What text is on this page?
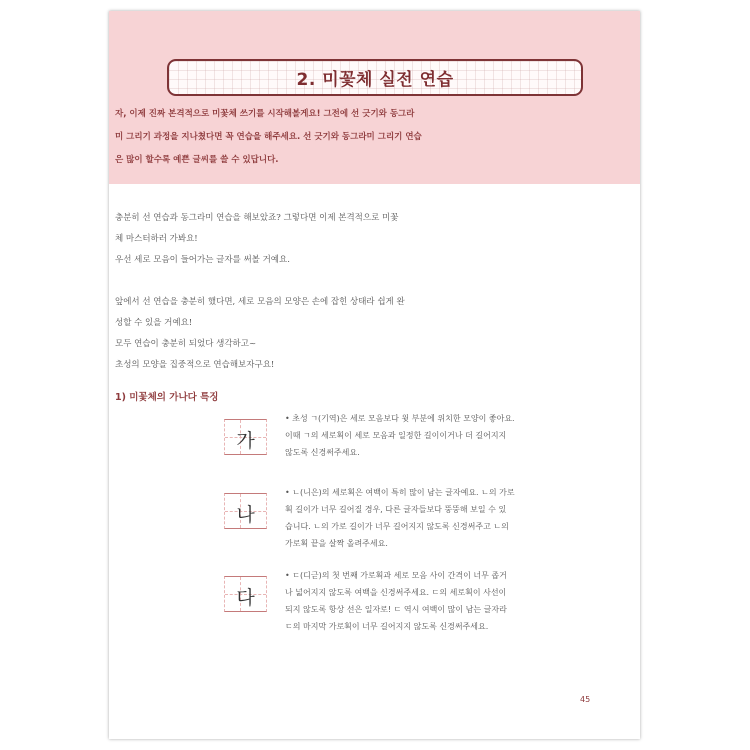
2. 미꽃체 실전 연습
자, 이제 진짜 본격적으로 미꽃체 쓰기를 시작해볼게요! 그전에 선 긋기와 동그라
미 그리기 과정을 지나쳤다면 꼭 연습을 해주세요. 선 긋기와 동그라미 그리기 연습
은 많이 할수록 예쁜 글씨를 쓸 수 있답니다.
충분히 선 연습과 동그라미 연습을 해보았죠? 그렇다면 이제 본격적으로 미꽃
체 마스터하러 가봐요!
우선 세로 모음이 들어가는 글자를 써볼 거예요.
앞에서 선 연습을 충분히 했다면, 세로 모음의 모양은 손에 잡힌 상태라 쉽게 완
성할 수 있을 거예요!
모두 연습이 충분히 되었다 생각하고~
초성의 모양을 집중적으로 연습해보자구요!
1) 미꽃체의 가나다 특징
가
• 초성 ㄱ(기역)은 세로 모음보다 윗 부분에 위치한 모양이 좋아요.
이때 ㄱ의 세로획이 세로 모음과 일정한 길이이거나 더 길어지지
않도록 신경써주세요.
나
• ㄴ(니은)의 세로획은 여백이 특히 많이 남는 글자예요. ㄴ의 가로
획 길이가 너무 길어질 경우, 다른 글자들보다 뚱뚱해 보일 수 있
습니다. ㄴ의 가로 길이가 너무 길어지지 않도록 신경써주고 ㄴ의
가로획 끝을 살짝 올려주세요.
다
• ㄷ(디귿)의 첫 번째 가로획과 세로 모음 사이 간격이 너무 좁거
나 넓어지지 않도록 여백을 신경써주세요. ㄷ의 세로획이 사선이
되지 않도록 항상 선은 일자로! ㄷ 역시 여백이 많이 남는 글자라
ㄷ의 마지막 가로획이 너무 길어지지 않도록 신경써주세요.
45
